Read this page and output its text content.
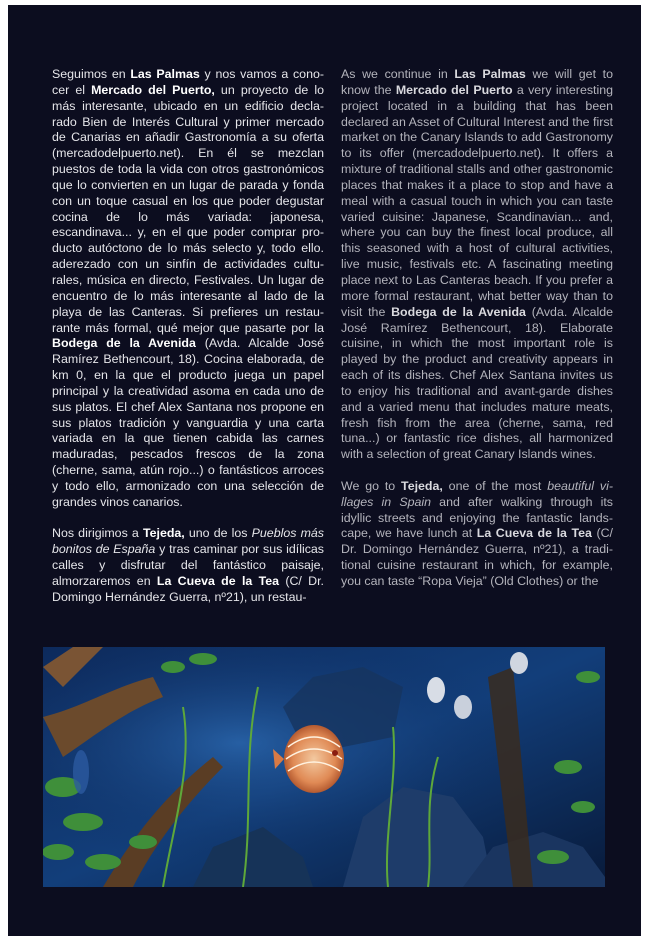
Seguimos en Las Palmas y nos vamos a conocer el Mercado del Puerto, un proyecto de lo más interesante, ubicado en un edificio declarado Bien de Interés Cultural y primer mercado de Canarias en añadir Gastronomía a su oferta (mercadodelpuerto.net). En él se mezclan puestos de toda la vida con otros gastronómicos que lo convierten en un lugar de parada y fonda con un toque casual en los que poder degustar cocina de lo más variada: japonesa, escandinava... y, en el que poder comprar producto autóctono de lo más selecto y, todo ello. aderezado con un sinfín de actividades culturales, música en directo, Festivales. Un lugar de encuentro de lo más interesante al lado de la playa de las Canteras. Si prefieres un restaurante más formal, qué mejor que pasarte por la Bodega de la Avenida (Avda. Alcalde José Ramírez Bethencourt, 18). Cocina elaborada, de km 0, en la que el producto juega un papel principal y la creatividad asoma en cada uno de sus platos. El chef Alex Santana nos propone en sus platos tradición y vanguardia y una carta variada en la que tienen cabida las carnes maduradas, pescados frescos de la zona (cherne, sama, atún rojo...) o fantásticos arroces y todo ello, armonizado con una selección de grandes vinos canarios.

Nos dirigimos a Tejeda, uno de los Pueblos más bonitos de España y tras caminar por sus idílicas calles y disfrutar del fantástico paisaje, almorzaremos en La Cueva de la Tea (C/ Dr. Domingo Hernández Guerra, nº21), un restau-

As we continue in Las Palmas we will get to know the Mercado del Puerto a very interesting project located in a building that has been declared an Asset of Cultural Interest and the first market on the Canary Islands to add Gastronomy to its offer (mercadodelpuerto.net). It offers a mixture of traditional stalls and other gastronomic places that makes it a place to stop and have a meal with a casual touch in which you can taste varied cuisine: Japanese, Scandinavian... and, where you can buy the finest local produce, all this seasoned with a host of cultural activities, live music, festivals etc. A fascinating meeting place next to Las Canteras beach. If you prefer a more formal restaurant, what better way than to visit the Bodega de la Avenida (Avda. Alcalde José Ramírez Bethencourt, 18). Elaborate cuisine, in which the most important role is played by the product and creativity appears in each of its dishes. Chef Alex Santana invites us to enjoy his traditional and avant-garde dishes and a varied menu that includes mature meats, fresh fish from the area (cherne, sama, red tuna...) or fantastic rice dishes, all harmonized with a selection of great Canary Islands wines.

We go to Tejeda, one of the most beautiful villages in Spain and after walking through its idyllic streets and enjoying the fantastic landscape, we have lunch at La Cueva de la Tea (C/ Dr. Domingo Hernández Guerra, nº21), a traditional cuisine restaurant in which, for example, you can taste “Ropa Vieja” (Old Clothes) or the
